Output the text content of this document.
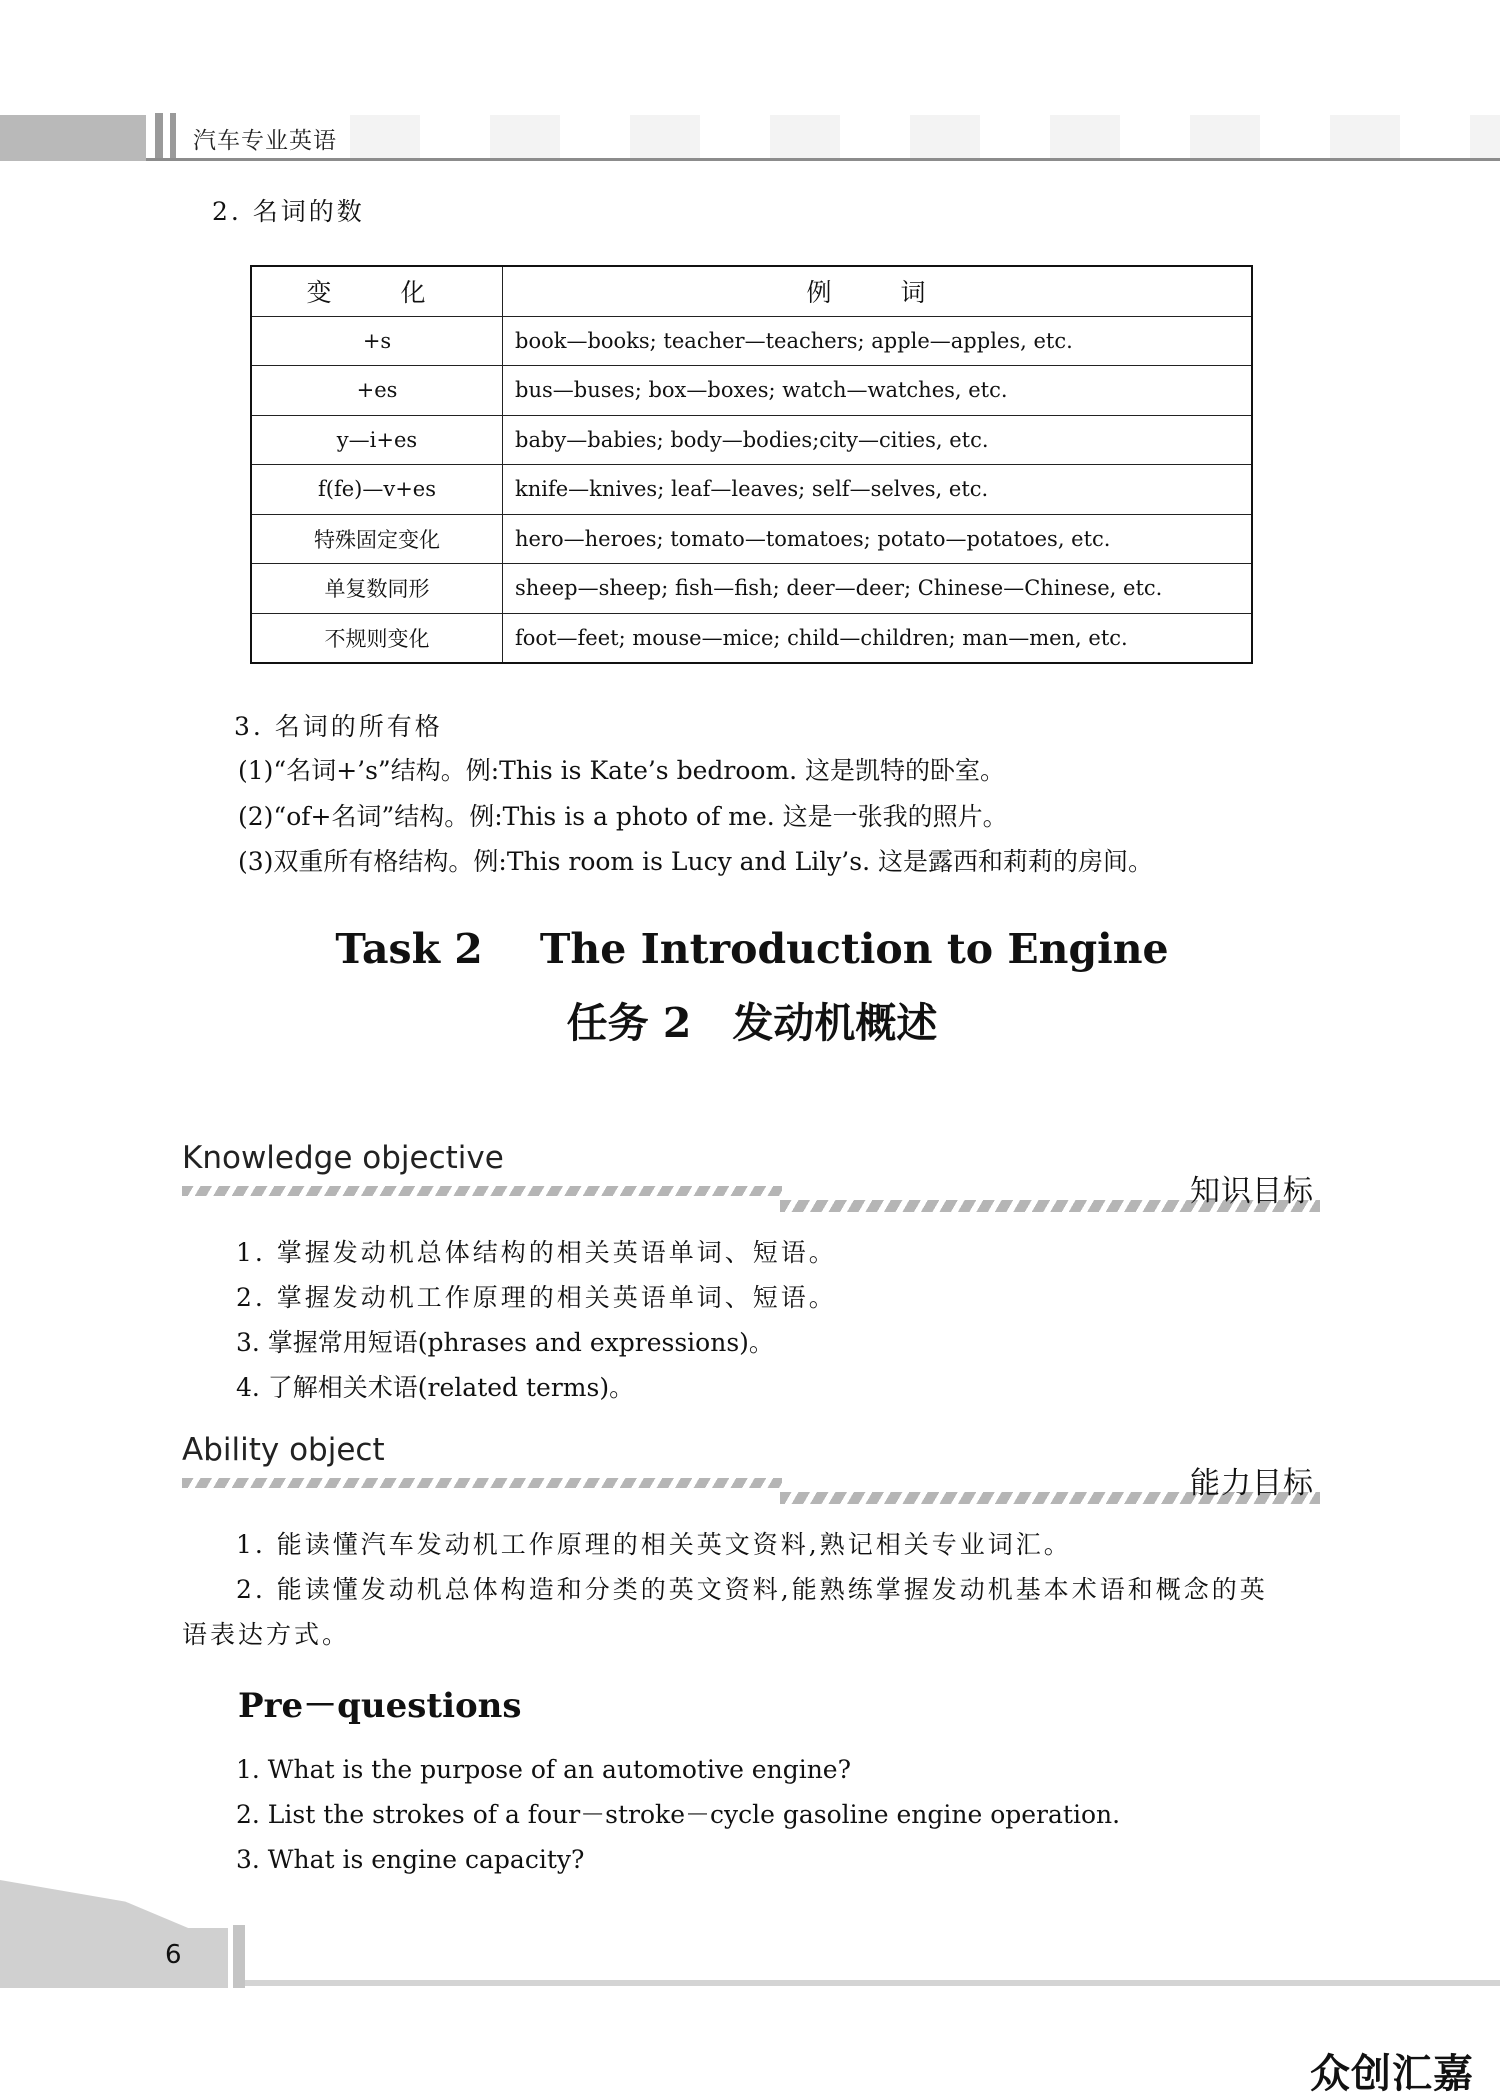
汽车专业英语
2. 名词的数
变　化	例　词
+s	book—books; teacher—teachers; apple—apples, etc.
+es	bus—buses; box—boxes; watch—watches, etc.
y—i+es	baby—babies; body—bodies;city—cities, etc.
f(fe)—v+es	knife—knives; leaf—leaves; self—selves, etc.
特殊固定变化	hero—heroes; tomato—tomatoes; potato—potatoes, etc.
单复数同形	sheep—sheep; fish—fish; deer—deer; Chinese—Chinese, etc.
不规则变化	foot—feet; mouse—mice; child—children; man—men, etc.
3. 名词的所有格
(1)“名词+’s”结构。例:This is Kate’s bedroom. 这是凯特的卧室。
(2)“of+名词”结构。例:This is a photo of me. 这是一张我的照片。
(3)双重所有格结构。例:This room is Lucy and Lily’s. 这是露西和莉莉的房间。
Task 2    The Introduction to Engine
任务 2　发动机概述
Knowledge objective
知识目标
1. 掌握发动机总体结构的相关英语单词、短语。
2. 掌握发动机工作原理的相关英语单词、短语。
3. 掌握常用短语(phrases and expressions)。
4. 了解相关术语(related terms)。
Ability object
能力目标
1. 能读懂汽车发动机工作原理的相关英文资料,熟记相关专业词汇。
2. 能读懂发动机总体构造和分类的英文资料,能熟练掌握发动机基本术语和概念的英
语表达方式。
Pre－questions
1. What is the purpose of an automotive engine?
2. List the strokes of a four－stroke－cycle gasoline engine operation.
3. What is engine capacity?
6
众创汇嘉
